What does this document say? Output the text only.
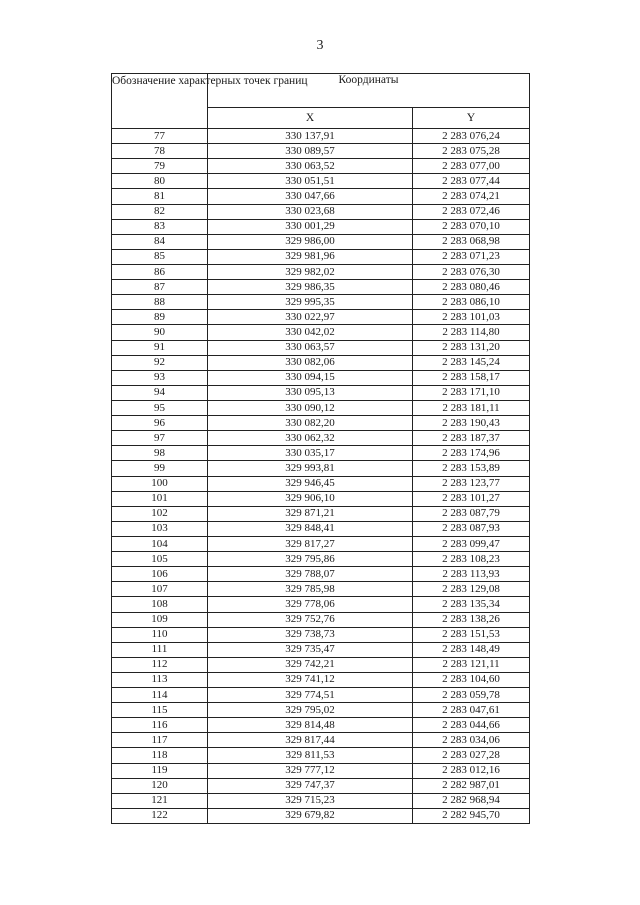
3
Обозначение характерных точек границ	Координаты	
	X	Y
77	330 137,91	2 283 076,24
78	330 089,57	2 283 075,28
79	330 063,52	2 283 077,00
80	330 051,51	2 283 077,44
81	330 047,66	2 283 074,21
82	330 023,68	2 283 072,46
83	330 001,29	2 283 070,10
84	329 986,00	2 283 068,98
85	329 981,96	2 283 071,23
86	329 982,02	2 283 076,30
87	329 986,35	2 283 080,46
88	329 995,35	2 283 086,10
89	330 022,97	2 283 101,03
90	330 042,02	2 283 114,80
91	330 063,57	2 283 131,20
92	330 082,06	2 283 145,24
93	330 094,15	2 283 158,17
94	330 095,13	2 283 171,10
95	330 090,12	2 283 181,11
96	330 082,20	2 283 190,43
97	330 062,32	2 283 187,37
98	330 035,17	2 283 174,96
99	329 993,81	2 283 153,89
100	329 946,45	2 283 123,77
101	329 906,10	2 283 101,27
102	329 871,21	2 283 087,79
103	329 848,41	2 283 087,93
104	329 817,27	2 283 099,47
105	329 795,86	2 283 108,23
106	329 788,07	2 283 113,93
107	329 785,98	2 283 129,08
108	329 778,06	2 283 135,34
109	329 752,76	2 283 138,26
110	329 738,73	2 283 151,53
111	329 735,47	2 283 148,49
112	329 742,21	2 283 121,11
113	329 741,12	2 283 104,60
114	329 774,51	2 283 059,78
115	329 795,02	2 283 047,61
116	329 814,48	2 283 044,66
117	329 817,44	2 283 034,06
118	329 811,53	2 283 027,28
119	329 777,12	2 283 012,16
120	329 747,37	2 282 987,01
121	329 715,23	2 282 968,94
122	329 679,82	2 282 945,70
